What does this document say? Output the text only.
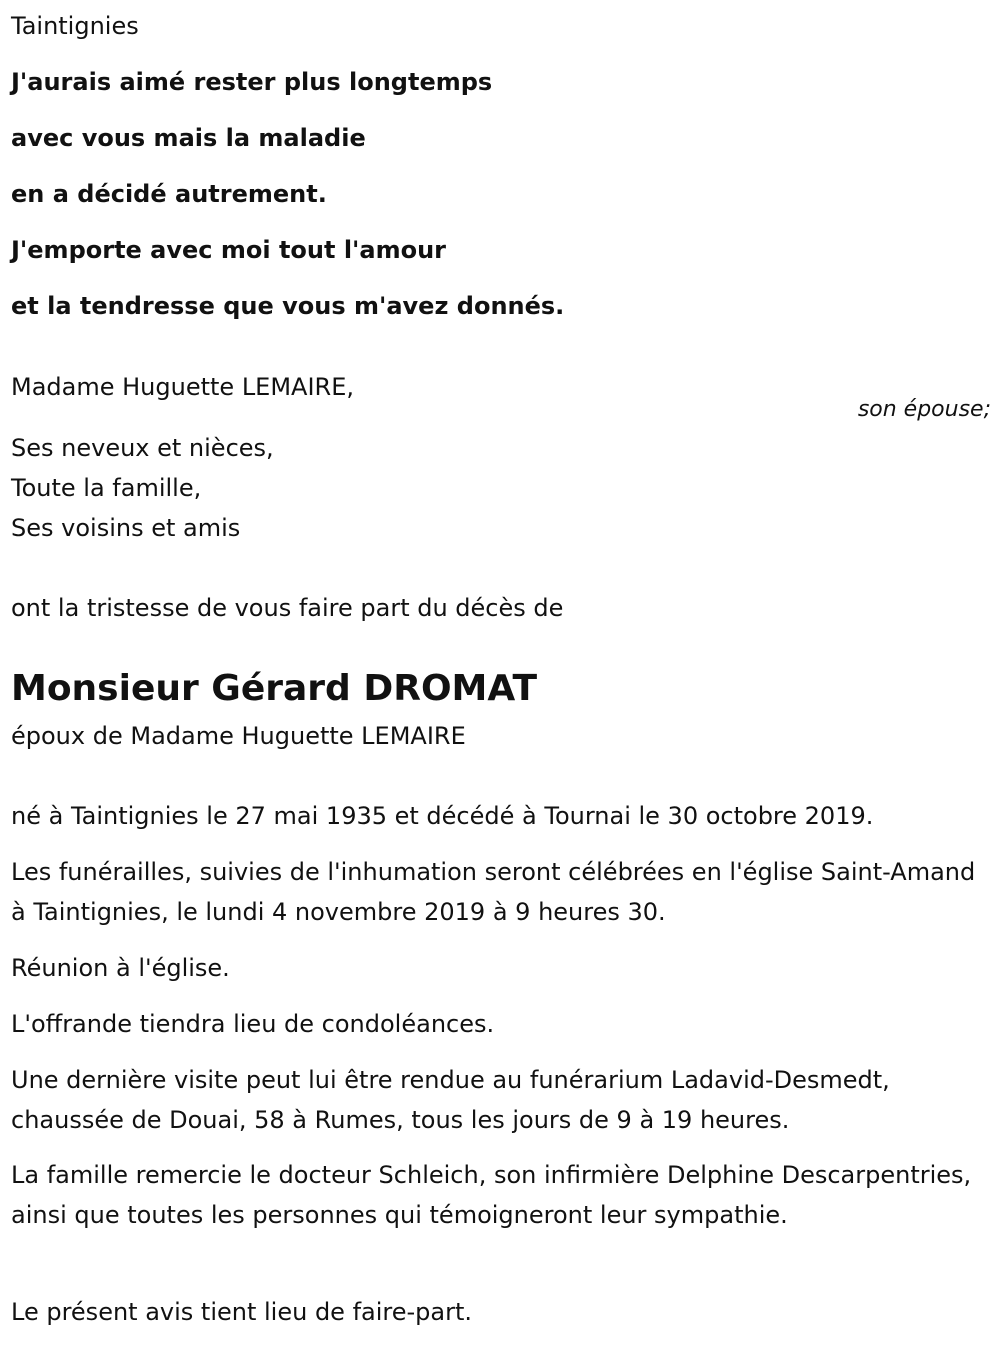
Taintignies
J'aurais aimé rester plus longtemps
avec vous mais la maladie
en a décidé autrement.
J'emporte avec moi tout l'amour
et la tendresse que vous m'avez donnés.
Madame Huguette LEMAIRE,
son épouse;
Ses neveux et nièces,
Toute la famille,
Ses voisins et amis
ont la tristesse de vous faire part du décès de
Monsieur Gérard DROMAT
époux de Madame Huguette LEMAIRE
né à Taintignies le 27 mai 1935 et décédé à Tournai le 30 octobre 2019.
Les funérailles, suivies de l'inhumation seront célébrées en l'église Saint-Amand à Taintignies, le lundi 4 novembre 2019 à 9 heures 30.
Réunion à l'église.
L'offrande tiendra lieu de condoléances.
Une dernière visite peut lui être rendue au funérarium Ladavid-Desmedt, chaussée de Douai, 58 à Rumes, tous les jours de 9 à 19 heures.
La famille remercie le docteur Schleich, son infirmière Delphine Descarpentries, ainsi que toutes les personnes qui témoigneront leur sympathie.
Le présent avis tient lieu de faire-part.
